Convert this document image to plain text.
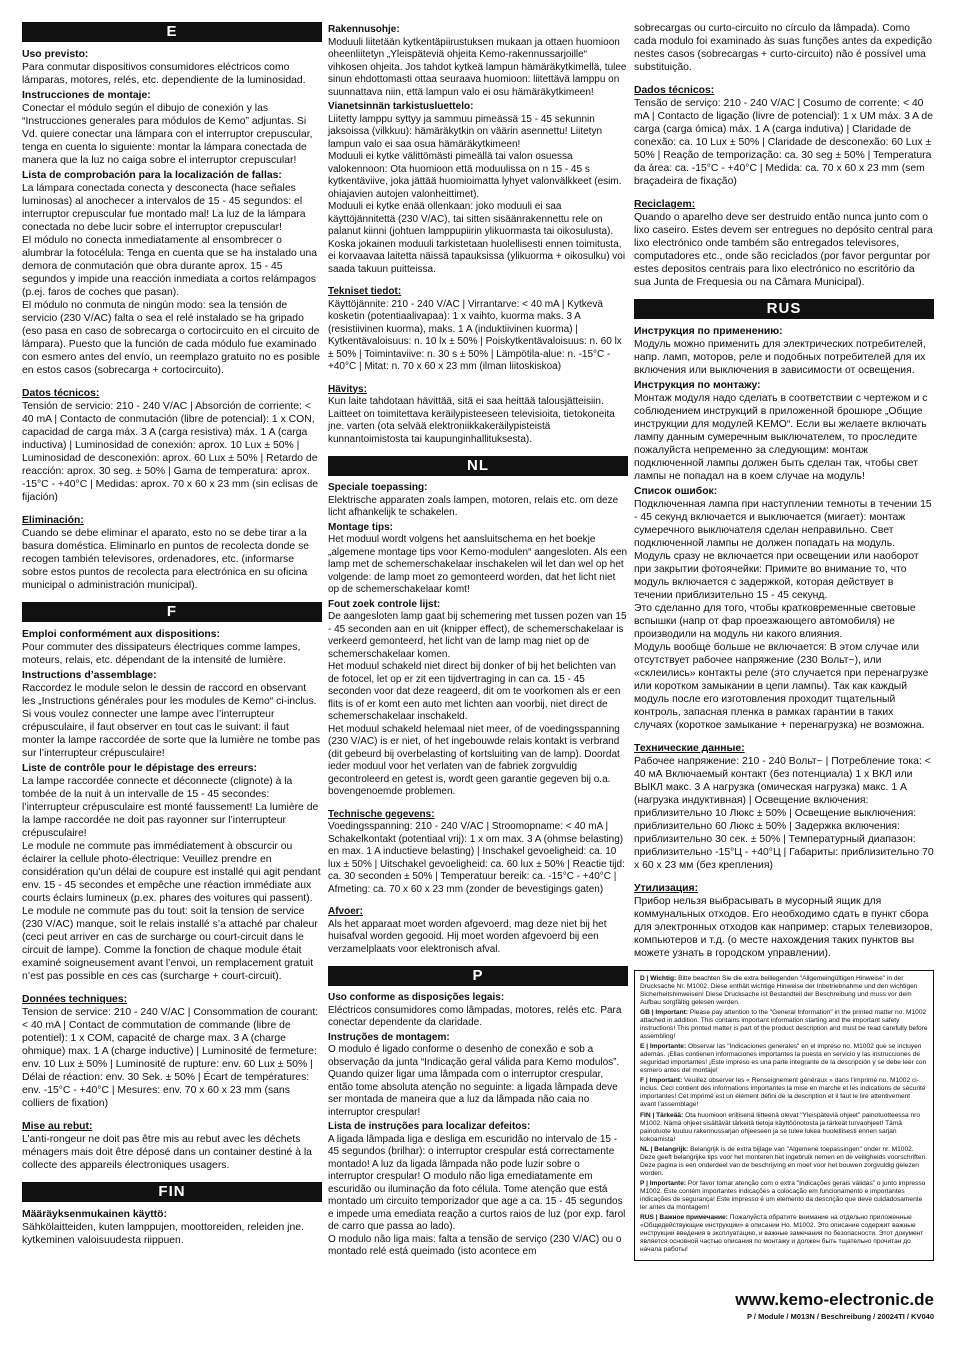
E
Uso previsto:

Para conmutar dispositivos consumidores eléctricos como lámparas, motores, relés, etc. dependiente de la luminosidad.

Instrucciones de montaje:

Conectar el módulo según el dibujo de conexión y las “Instrucciones generales para módulos de Kemo” adjuntas. Si Vd. quiere conectar una lámpara con el interruptor crepuscular, tenga en cuenta lo siguiente: montar la lámpara conectada de manera que la luz no caiga sobre el interruptor crepuscular!

Lista de comprobación para la localización de fallas:

La lámpara conectada conecta y desconecta (hace señales luminosas) al anochecer a intervalos de 15 - 45 segundos: el interruptor crepuscular fue montado mal! La luz de la lámpara conectada no debe lucir sobre el interruptor crepuscular!
El módulo no conecta inmediatamente al ensombrecer o alumbrar la fotocélula: Tenga en cuenta que se ha instalado una demora de conmutación que obra durante aprox. 15 - 45 segundos y impide una reacción inmediata a cortos relámpagos (p.ej. faros de coches que pasan).
El módulo no conmuta de ningún modo: sea la tensión de servicio (230 V/AC) falta o sea el relé instalado se ha gripado (eso pasa en caso de sobrecarga o cortocircuito en el circuito de lámpara). Puesto que la función de cada módulo fue examinado con esmero antes del envío, un reemplazo gratuito no es posible en estos casos (sobrecarga + cortocircuito).

Datos técnicos:

Tensión de servicio: 210 - 240 V/AC | Absorción de corriente: < 40 mA | Contacto de conmutación (libre de potencial): 1 x CON, capacidad de carga máx. 3 A (carga resistiva) máx. 1 A (carga inductiva) | Luminosidad de conexión: aprox. 10 Lux ± 50% | Luminosidad de desconexión: aprox. 60 Lux ± 50% | Retardo de reacción: aprox. 30 seg. ± 50% | Gama de temperatura: aprox. -15°C - +40°C | Medidas: aprox. 70 x 60 x 23 mm (sin eclisas de fijación)

Eliminación:

Cuando se debe eliminar el aparato, esto no se debe tirar a la basura doméstica. Eliminarlo en puntos de recolecta donde se recogen también televisores, ordenadores, etc. (informarse sobre estos puntos de recolecta para electrónica en su oficina municipal o administración municipal).

F
Emploi conformément aux dispositions:

Pour commuter des dissipateurs électriques comme lampes, moteurs, relais, etc. dépendant de la intensité de lumière.

Instructions d’assemblage:

Raccordez le module selon le dessin de raccord en observant les „Instructions générales pour les modules de Kemo“ ci-inclus. Si vous voulez connecter une lampe avec l’interrupteur crépusculaire, il faut observer en tout cas le suivant: il faut monter la lampe raccordée de sorte que la lumière ne tombe pas sur l’interrupteur crépusculaire!

Liste de contrôle pour le dépistage des erreurs:

La lampe raccordée connecte et déconnecte (clignote) à la tombée de la nuit à un intervalle de 15 - 45 secondes: l’interrupteur crépusculaire est monté faussement! La lumière de la lampe raccordée ne doit pas rayonner sur l’interrupteur crépusculaire!
Le module ne commute pas immédiatement à obscurcir ou éclairer la cellule photo-électrique: Veuillez prendre en considération qu’un délai de coupure est installé qui agit pendant env. 15 - 45 secondes et empêche une réaction immédiate aux courts éclairs lumineux (p.ex. phares des voitures qui passent).
Le module ne commute pas du tout: soit la tension de service (230 V/AC) manque, soit le relais installé s’a attaché par chaleur (ceci peut arriver en cas de surcharge ou court-circuit dans le circuit de lampe). Comme la fonction de chaque module était examiné soigneusement avant l’envoi, un remplacement gratuit n’est pas possible en ces cas (surcharge + court-circuit).

Données techniques:

Tension de service: 210 - 240 V/AC | Consommation de courant: < 40 mA | Contact de commutation de commande (libre de potentiel): 1 x COM, capacité de charge max. 3 A (charge ohmique) max. 1 A (charge inductive) | Luminosité de fermeture: env. 10 Lux ± 50% | Luminosité de rupture: env. 60 Lux ± 50% | Délai de réaction: env. 30 Sek. ± 50% | Écart de températures: env. -15°C - +40°C | Mesures: env. 70 x 60 x 23 mm (sans colliers de fixation)

Mise au rebut:

L’anti-rongeur ne doit pas être mis au rebut avec les déchets ménagers mais doit être déposé dans un container destiné à la collecte des appareils électroniques usagers.

FIN
Määräyksenmukainen käyttö:

Sähkölaitteiden, kuten lamppujen, moottoreiden, releiden jne. kytkeminen valoisuudesta riippuen.

Rakennusohje:

Moduuli liitetään kytkentäpiirustuksen mukaan ja ottaen huomioon oheenliitetyn „Yleispäteviä ohjeita Kemo-rakennussarjoille“ vihkosen ohjeita. Jos tahdot kytkeä lampun hämäräkytkimellä, tulee sinun ehdottomasti ottaa seuraava huomioon: liitettävä lamppu on suunnattava niin, että lampun valo ei osu hämäräkytkimeen!

Vianetsinnän tarkistusluettelo:

Liitetty lamppu syttyy ja sammuu pimeässä 15 - 45 sekunnin jaksoissa (vilkkuu): hämäräkytkin on väärin asennettu! Liitetyn lampun valo ei saa osua hämäräkytkimeen!
Moduuli ei kytke välittömästi pimeällä tai valon osuessa valokennoon: Ota huomioon että moduulissa on n 15 - 45 s kytkentäviive, joka jättää huomioimatta lyhyet valonvälkkeet (esim. ohiajavien autojen valonheittimet).
Moduuli ei kytke enää ollenkaan: joko moduuli ei saa käyttöjännitettä (230 V/AC), tai sitten sisäänrakennettu rele on palanut kiinni (johtuen lamppupiirin ylikuormasta tai oikosulusta). Koska jokainen moduuli tarkistetaan huolellisesti ennen toimitusta, ei korvaavaa laitetta näissä tapauksissa (ylikuorma + oikosulku) voi saada takuun puitteissa.

Tekniset tiedot:

Käyttöjännite: 210 - 240 V/AC | Virrantarve: < 40 mA | Kytkevä kosketin (potentiaalivapaa): 1 x vaihto, kuorma maks. 3 A (resistiivinen kuorma), maks. 1 A (induktiivinen kuorma) | Kytkentävaloisuus: n. 10 lx ± 50% | Poiskytkentävaloisuus: n. 60 lx ± 50% | Toimintaviive: n. 30 s ± 50% | Lämpötila-alue: n. -15°C - +40°C | Mitat: n. 70 x 60 x 23 mm (ilman liitoskiskoa)

Hävitys:

Kun laite tahdotaan hävittää, sitä ei saa heittää talousjätteisiin. Laitteet on toimitettava keräilypisteeseen televisioita, tietokoneita jne. varten (ota selvää elektroniikkakeräilypisteistä kunnantoimistosta tai kaupunginhallituksesta).

NL
Speciale toepassing:

Elektrische apparaten zoals lampen, motoren, relais etc. om deze licht afhankelijk te schakelen.

Montage tips:

Het moduul wordt volgens het aansluitschema en het boekje „algemene montage tips voor Kemo-modulen“ aangesloten. Als een lamp met de schemerschakelaar inschakelen wil let dan wel op het volgende: de lamp moet zo gemonteerd worden, dat het licht niet op de schemerschakelaar komt!

Fout zoek controle lijst:

De aangesloten lamp gaat bij schemering met tussen pozen van 15 - 45 seconden aan en uit (knipper effect), de schemerschakelaar is verkeerd gemonteerd, het licht van de lamp mag niet op de schemerschakelaar komen.
Het moduul schakeld niet direct bij donker of bij het belichten van de fotocel, let op er zit een tijdvertraging in can ca. 15 - 45 seconden voor dat deze reageerd, dit om te voorkomen als er een flits is of er komt een auto met lichten aan voorbij, niet direct de schemerschakelaar inschakeld.
Het moduul schakeld helemaal niet meer, of de voedingsspanning (230 V/AC) is er niet, of het ingebouwde relais kontakt is verbrand (dit gebeurd bij overbelasting of kortsluiting van de lamp). Doordat ieder moduul voor het verlaten van de fabriek zorgvuldig gecontroleerd en getest is, wordt geen garantie gegeven bij o.a. bovengenoemde problemen.

Technische gegevens:

Voedingsspanning: 210 - 240 V/AC | Stroomopname: < 40 mA | Schakelkontakt (potentiaal vrij): 1 x om max. 3 A (ohmse belasting) en max. 1 A inductieve belasting) | Inschakel gevoeligheid: ca. 10 lux ± 50% | Uitschakel gevoeligheid: ca. 60 lux ± 50% | Reactie tijd: ca. 30 seconden ± 50% | Temperatuur bereik: ca. -15°C - +40°C | Afmeting: ca. 70 x 60 x 23 mm (zonder de bevestigings gaten)

Afvoer:

Als het apparaat moet worden afgevoerd, mag deze niet bij het huisafval worden gegooid. Hij moet worden afgevoerd bij een verzamelplaats voor elektronisch afval.

P
Uso conforme as disposições legais:

Eléctricos consumidores como lâmpadas, motores, relés etc. Para conectar dependente da claridade.

Instruções de montagem:

O modulo é ligado conforme o desenho de conexão e sob a observação da junta “Indicação geral válida para Kemo modulos”. Quando quizer ligar uma lâmpada com o interruptor crespular, então tome absoluta atenção no seguinte: a ligada lâmpada deve ser montada de maneira que a luz da lâmpada não caia no interruptor crespular!

Lista de instruções para localizar defeitos:

A ligada lâmpada liga e desliga em escuridão no intervalo de 15 - 45 segundos (brilhar): o interruptor crespular está correctamente montado! A luz da ligada lâmpada não pode luzir sobre o interruptor crespular! O modulo não liga emediatamente em escuridão ou iluminação da foto célula. Tome atenção que está montado um circuito temporizador que age a ca. 15 - 45 segundos e impede uma emediata reação a curtos raios de luz (por exp. farol de carro que passa ao lado).
O modulo não liga mais: falta a tensão de serviço (230 V/AC) ou o montado relé está queimado (isto acontece em

sobrecargas ou curto-circuito no círculo da lâmpada). Como cada modulo foi examinado às suas funções antes da expedição nestes casos (sobrecargas + curto-circuito) não é possível uma substituição.

Dados técnicos:

Tensão de serviço: 210 - 240 V/AC | Cosumo de corrente: < 40 mA | Contacto de ligação (livre de potencial): 1 x UM máx. 3 A de carga (carga ómica) máx. 1 A (carga indutiva) | Claridade de conexão: ca. 10 Lux ± 50% | Claridade de desconexão: 60 Lux ± 50% | Reação de temporização: ca. 30 seg ± 50% | Temperatura da área: ca. -15°C - +40°C | Medida: ca. 70 x 60 x 23 mm (sem braçadeira de fixação)

Reciclagem:

Quando o aparelho deve ser destruido então nunca junto com o lixo caseiro. Estes devem ser entregues no depósito central para lixo electrónico onde também são entregados televisores, computadores etc., onde são reciclados (por favor perguntar por estes depositos centrais para lixo electrónico no escritório da sua Junta de Frequesia ou na Câmara Municipal).

RUS
Инструкция по применению:

Модуль можно применить для электрических потребителей, напр. ламп, моторов, реле и подобных потребителей для их включения или выключения в зависимости от освещения.

Инструкция по монтажу:

Монтаж модуля надо сделать в соответствии с чертежом и с соблюдением инструкций в приложенной брошюре „Общие инструкции для модулей KEMO“. Если вы желаете включать лампу данным сумеречным выключателем, то проследите пожалуйста непременно за следующим: монтаж подключенной лампы должен быть сделан так, чтобы свет лампы не попадал на в коем случае на модуль!

Список ошибок:

Подключенная лампа при наступлении темноты в течении 15 - 45 секунд включается и выключается (мигает): монтаж сумеречного выключателя сделан неправильно. Свет подключенной лампы не должен попадать на модуль.
Модуль сразу не включается при освещении или наоборот при закрытии фотоячейки: Примите во внимание то, что модуль включается с задержкой, которая действует в течении приблизительно 15 - 45 секунд.
Это сделанно для того, чтобы кратковременные световые вспышки (напр от фар проезжающего автомобиля) не производили на модуль ни какого влияния.
Модуль вообще больше не включается: В этом случае или отсутствует рабочее напряжение (230 Вольт~), или «склеились» контакты реле (это случается при перенагрузке или коротком замыкании в цепи лампы). Так как каждый модуль после его изготовления проходит тщательный контроль, запасная пленка в рамках гарантии в таких случаях (короткое замыкание + перенагрузка) не возможна.

Технические данные:

Рабочее напряжение: 210 - 240 Вольт~ | Потребление тока: < 40 мА Включаемый контакт (без потенциала) 1 х ВКЛ или ВЫКЛ макс. 3 А нагрузка (омическая нагрузка) макс. 1 А (нагрузка индуктивная) | Освещение включения: приблизительно 10 Люкс ± 50% | Освещение выключения: приблизительно 60 Люкс ± 50% | Задержка включения: приблизительно 30 сек. ± 50% | Температурный диапазон: приблизительно -15°Ц - +40°Ц | Габариты: приблизительно 70 х 60 х 23 мм (без крепления)

Утилизация:

Прибор нельзя выбрасывать в мусорный ящик для коммунальных отходов. Его необходимо сдать в пункт сбора для электронных отходов как например: старых телевизоров, компьютеров и т.д. (о месте нахождения таких пунктов вы можете узнать в городском управлении).

D | Wichtig: Bitte beachten Sie die extra beiliegenden "Allgemeingültigen Hinweise" in der Drucksache Nr. M1002. Diese enthält wichtige Hinweise der Inbetriebnahme und den wichtigen Sicherheitshinweisen! Diese Drucksache ist Bestandteil der Beschreibung und muss vor dem Aufbau sorgfältig gelesen werden.

GB | Important: Please pay attention to the "General Information" in the printed matter no. M1002 attached in addition. This contains important information starting and the important safety instructions! This printed matter is part of the product description and must be read carefully before assembling!

E | Importante: Observar las "Indicaciones generales" en el impreso no. M1002 que se incluyen además. ¡Ellas contienen informaciones importantes la puesta en servicio y las instrucciones de seguridad importantes! ¡Este impreso es una parte integrante de la descripción y se debe leer con esmero antes del montaje!

F | Important: Veuillez observer les « Renseignement généraux » dans l’imprimé no. M1002 ci-inclus. Ceci contient des informations importantes la mise en marche et les indications de sécurité importantes! Cet imprimé est un élément défini de la description et il faut le lire attentivement avant l’assemblage!

FIN | Tärkeää: Ota huomioon erillisenä liitteenä olevat "Yleispäteviä ohjeet" painotuotteessa nro M1002. Nämä ohjeet sisältävät tärkeitä tietoja käyttöönotosta ja tärkeät turvaohjeet! Tämä painotuote kuuluu rakennussarjan ohjeeseen ja se tulee lukea huolellisesti ennen sarjan kokoamista!

NL | Belangrijk: Belangrijk is de extra bijlage van "Algemene toepassingen" onder nr. M1002. Deze geeft belangrijke tips voor het monteren het ingebruik nemen en de veiligheids voorschriften. Deze pagina is een onderdeel van de beschrijving en moet voor het bouwen zorgvuldig gelezen worden.

P | Importante: Por favor tomar atenção com o extra "Indicações gerais válidas" o junto impresso M1002. Este contém importantes indicações a colocação em funcionamento e importantes indicações de segurança! Este impresso é um elemento da descrição que deve cuidadosamente ler antes da montagem!

RUS | Важное примечание: Пожалуйста обратите внимание на отдельно приложенные «Общедействующие инструкции» в описании Но. M1002. Это описание содержит важные инструкции введения в эксплуатацию, и важные замечания по безопасности. Этот документ является основной частью описания по монтажу и должен быть тщательно прочитан до начала работы!

www.kemo-electronic.de
P / Module / M013N / Beschreibung / 20024TI / KV040
